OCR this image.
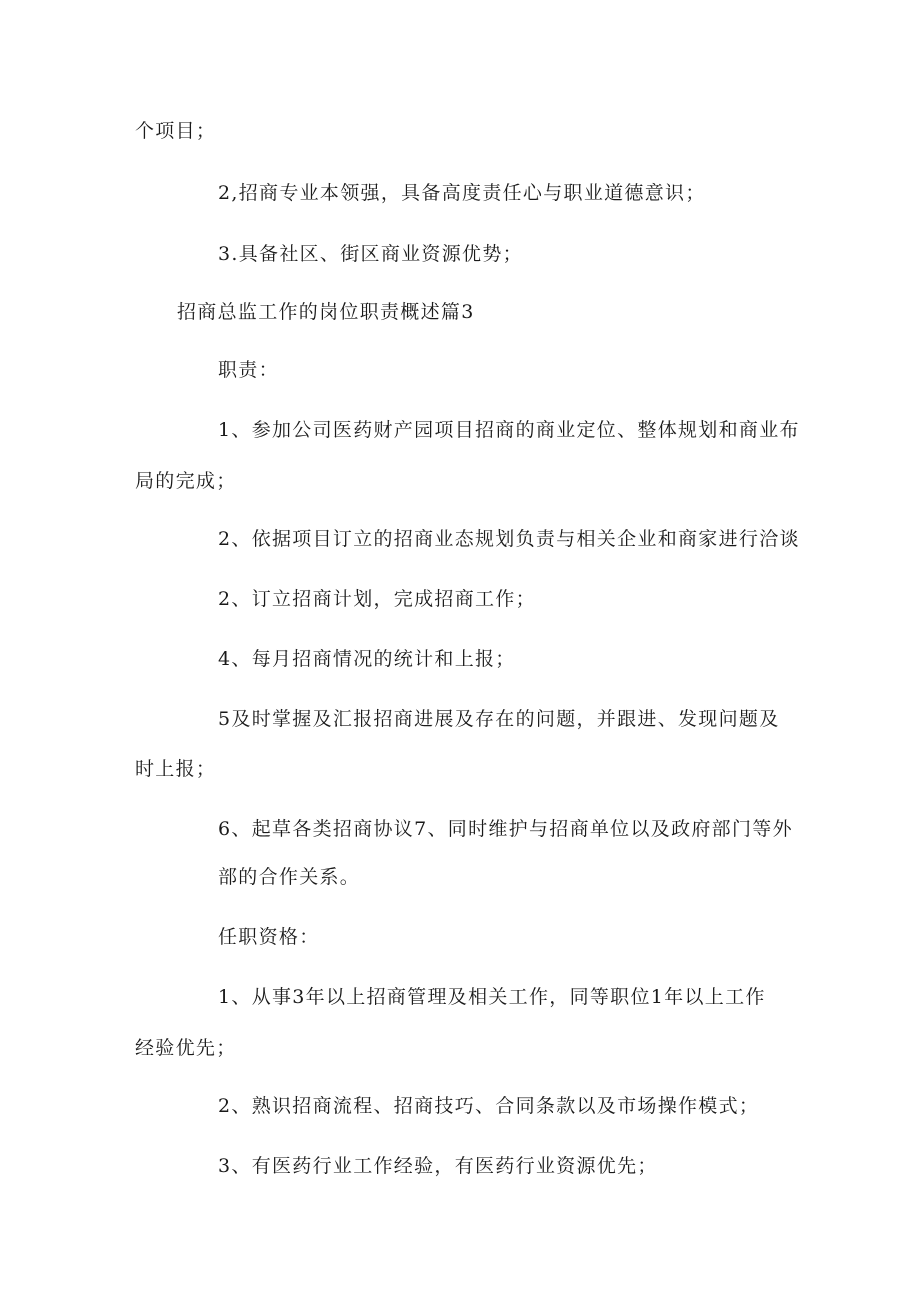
个项目；
2,招商专业本领强，具备高度责任心与职业道德意识；
3.具备社区、街区商业资源优势；
招商总监工作的岗位职责概述篇3
职责：
1、参加公司医药财产园项目招商的商业定位、整体规划和商业布
局的完成；
2、依据项目订立的招商业态规划负责与相关企业和商家进行洽谈
2、订立招商计划，完成招商工作；
4、每月招商情况的统计和上报；
5及时掌握及汇报招商进展及存在的问题，并跟进、发现问题及
时上报；
6、起草各类招商协议7、同时维护与招商单位以及政府部门等外
部的合作关系。
任职资格：
1、从事3年以上招商管理及相关工作，同等职位1年以上工作
经验优先；
2、熟识招商流程、招商技巧、合同条款以及市场操作模式；
3、有医药行业工作经验，有医药行业资源优先；
